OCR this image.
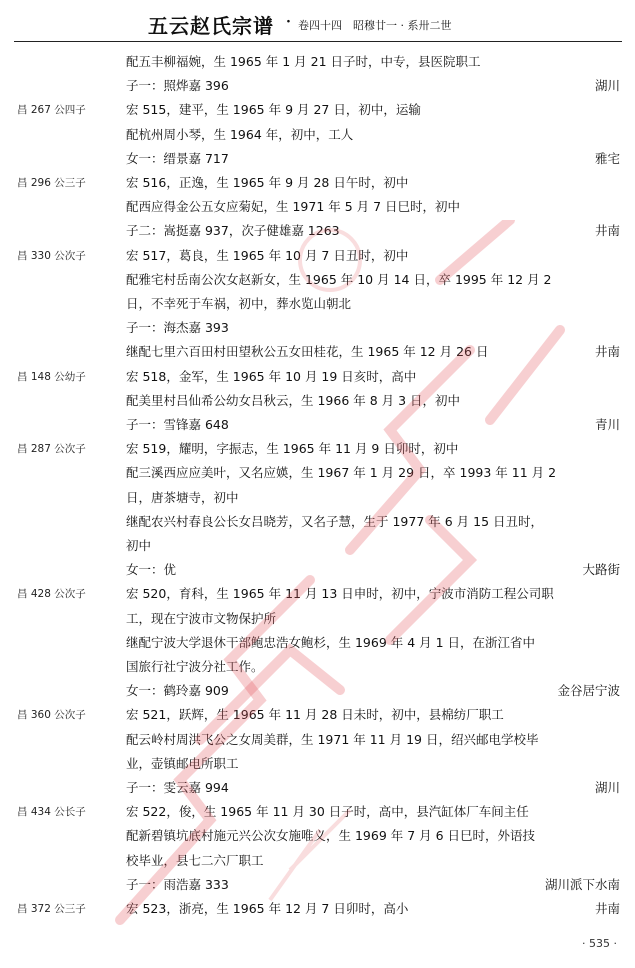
五云赵氏宗谱 · 卷四十四　昭穆廿一 · 系卅二世
配五丰柳福婉，生 1965 年 1 月 21 日子时，中专，县医院职工
子一：照烨嘉 396	湖川
昌 267 公四子	宏 515，建平，生 1965 年 9 月 27 日，初中，运输
配杭州周小琴，生 1964 年，初中，工人
女一：缙景嘉 717	雅宅
昌 296 公三子	宏 516，正逸，生 1965 年 9 月 28 日午时，初中
配西应得金公五女应菊妃，生 1971 年 5 月 7 日巳时，初中
子二：嵩挺嘉 937，次子健雄嘉 1263	井南
昌 330 公次子	宏 517，葛良，生 1965 年 10 月 7 日丑时，初中
配雅宅村岳南公次女赵新女，生 1965 年 10 月 14 日，卒 1995 年 12 月 2
日，不幸死于车祸，初中，葬水览山朝北
子一：海杰嘉 393
继配七里六百田村田望秋公五女田桂花，生 1965 年 12 月 26 日	井南
昌 148 公幼子	宏 518，金军，生 1965 年 10 月 19 日亥时，高中
配美里村吕仙希公幼女吕秋云，生 1966 年 8 月 3 日，初中
子一：雪锋嘉 648	青川
昌 287 公次子	宏 519，耀明，字振志，生 1965 年 11 月 9 日卯时，初中
配三溪西应应美叶，又名应媖，生 1967 年 1 月 29 日，卒 1993 年 11 月 2
日，唐茶塘寺，初中
继配农兴村春良公长女吕晓芳，又名子慧，生于 1977 年 6 月 15 日丑时，
初中
女一：优	大路街
昌 428 公次子	宏 520，育科，生 1965 年 11 月 13 日申时，初中，宁波市消防工程公司职
工，现在宁波市文物保护所
继配宁波大学退休干部鲍忠浩女鲍杉，生 1969 年 4 月 1 日，在浙江省中
国旅行社宁波分社工作。
女一：鹤玲嘉 909	金谷居宁波
昌 360 公次子	宏 521，跃辉，生 1965 年 11 月 28 日未时，初中，县棉纺厂职工
配云岭村周洪飞公之女周美群，生 1971 年 11 月 19 日，绍兴邮电学校毕
业，壶镇邮电所职工
子一：雯云嘉 994	湖川
昌 434 公长子	宏 522，俊，生 1965 年 11 月 30 日子时，高中，县汽缸体厂车间主任
配新碧镇坑底村施元兴公次女施唯义，生 1969 年 7 月 6 日巳时，外语技
校毕业，县七二六厂职工
子一：雨浩嘉 333	湖川派下水南
昌 372 公三子	宏 523，浙亮，生 1965 年 12 月 7 日卯时，高小	井南
· 535 ·
